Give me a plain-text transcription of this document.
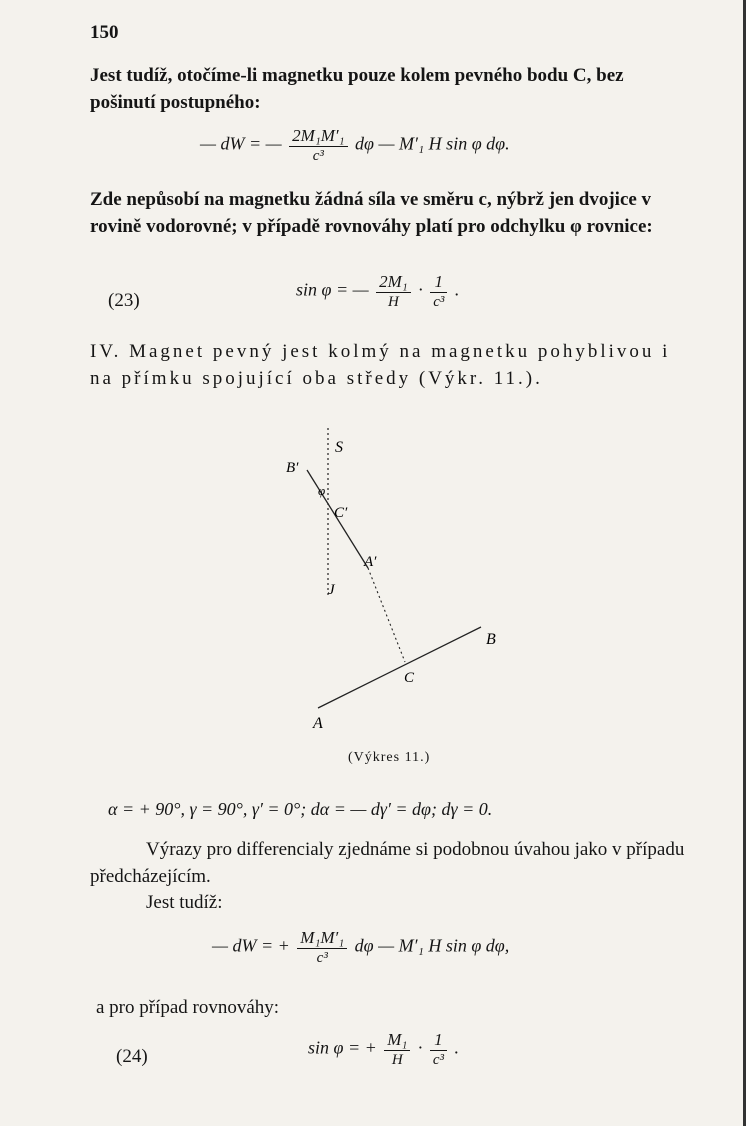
150
Jest tudíž, otočíme-li magnetku pouze kolem pevného bodu C, bez pošinutí postupného:
— dW = — $\frac{\text{2M₁M′₁}}{\text{c³}}$ dφ — M′₁ H sin φ dφ.
Zde nepůsobí na magnetku žádná síla ve směru c, nýbrž jen dvojice v rovině vodorovné; v případě rovnováhy platí pro odchylku φ rovnice:
(23)
sin φ = — $\frac{\text{2M₁}}{H} \cdot \frac{1}{\text{c³}}$ .
IV. Magnet pevný jest kolmý na magnetku pohyblivou i na přímku spojující oba středy (Výkr. 11.).
S
B′
φ
C′
A′
J
B
C
A
(Výkres 11.)
α = + 90°, γ = 90°, γ′ = 0°; dα = — dγ′ = dφ; dγ = 0.
Výrazy pro differencialy zjednáme si podobnou úvahou jako v případu předcházejícím.
Jest tudíž:
— dW = + $\frac{\text{M₁M′₁}}{\text{c³}}$ dφ — M′₁ H sin φ dφ,
a pro případ rovnováhy:
(24)	sin φ = + $\frac{\text{M₁}}{H} \cdot \frac{1}{\text{c³}}$ .
